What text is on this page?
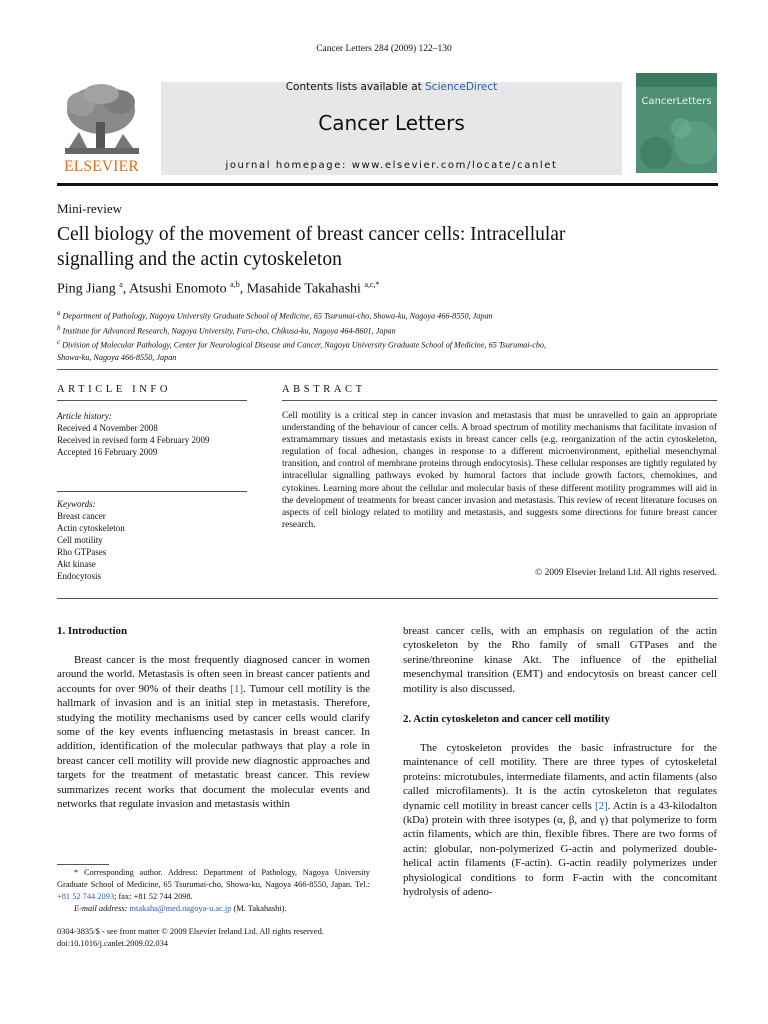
Cancer Letters 284 (2009) 122–130
ELSEVIER
Contents lists available at ScienceDirect
Cancer Letters
journal homepage: www.elsevier.com/locate/canlet
CancerLetters
Mini-review
Cell biology of the movement of breast cancer cells: Intracellular
signalling and the actin cytoskeleton
Ping Jiang $^a$, Atsushi Enomoto $^{a,b}$, Masahide Takahashi $^{a,c,*}$
$^a$ Department of Pathology, Nagoya University Graduate School of Medicine, 65 Tsurumai-cho, Showa-ku, Nagoya 466-8550, Japan
$^b$ Institute for Advanced Research, Nagoya University, Furo-cho, Chikusa-ku, Nagoya 464-8601, Japan
$^c$ Division of Molecular Pathology, Center for Neurological Disease and Cancer, Nagoya University Graduate School of Medicine, 65 Tsurumai-cho,
Showa-ku, Nagoya 466-8550, Japan
ARTICLE INFO	ABSTRACT
Article history:
Received 4 November 2008
Received in revised form 4 February 2009
Accepted 16 February 2009
Keywords:
Breast cancer
Actin cytoskeleton
Cell motility
Rho GTPases
Akt kinase
Endocytosis
Cell motility is a critical step in cancer invasion and metastasis that must be unravelled to gain an appropriate understanding of the behaviour of cancer cells. A broad spectrum of motility mechanisms that facilitate invasion of extramammary tissues and metastasis exists in breast cancer cells (e.g. reorganization of the actin cytoskeleton, regulation of focal adhesion, changes in response to a different microenvironment, epithelial mesenchymal transition, and control of membrane proteins through endocytosis). These cellular responses are tightly regulated by intracellular signalling pathways evoked by humoral factors that include growth factors, chemokines, and cytokines. Learning more about the cellular and molecular basis of these different motility programmes will aid in the development of treatments for breast cancer invasion and metastasis. This review of recent literature focuses on aspects of cell biology related to motility and metastasis, and suggests some directions for future breast cancer research.
© 2009 Elsevier Ireland Ltd. All rights reserved.
1. Introduction
Breast cancer is the most frequently diagnosed cancer in women around the world. Metastasis is often seen in breast cancer patients and accounts for over 90% of their deaths [1]. Tumour cell motility is the hallmark of invasion and is an initial step in metastasis. Therefore, studying the motility mechanisms used by cancer cells would clarify some of the key events influencing metastasis in breast cancer. In addition, identification of the molecular pathways that play a role in breast cancer cell motility will provide new diagnostic approaches and targets for the treatment of metastatic breast cancer. This review summarizes recent works that document the molecular events and networks that regulate invasion and metastasis within
* Corresponding author. Address: Department of Pathology, Nagoya University Graduate School of Medicine, 65 Tsurumai-cho, Showa-ku, Nagoya 466-8550, Japan. Tel.: +81 52 744 2093; fax: +81 52 744 2098.
E-mail address: mtakaha@med.nagoya-u.ac.jp (M. Takahashi).
breast cancer cells, with an emphasis on regulation of the actin cytoskeleton by the Rho family of small GTPases and the serine/threonine kinase Akt. The influence of the epithelial mesenchymal transition (EMT) and endocytosis on breast cancer cell motility is also discussed.
2. Actin cytoskeleton and cancer cell motility
The cytoskeleton provides the basic infrastructure for the maintenance of cell motility. There are three types of cytoskeletal proteins: microtubules, intermediate filaments, and actin filaments (also called microfilaments). It is the actin cytoskeleton that regulates dynamic cell motility in breast cancer cells [2]. Actin is a 43-kilodalton (kDa) protein with three isotypes (α, β, and γ) that polymerize to form actin filaments, which are thin, flexible fibres. There are two forms of actin: globular, non-polymerized G-actin and polymerized double-helical actin filaments (F-actin). G-actin readily polymerizes under physiological conditions to form F-actin with the concomitant hydrolysis of adeno-
0304-3835/$ - see front matter © 2009 Elsevier Ireland Ltd. All rights reserved.
doi:10.1016/j.canlet.2009.02.034
